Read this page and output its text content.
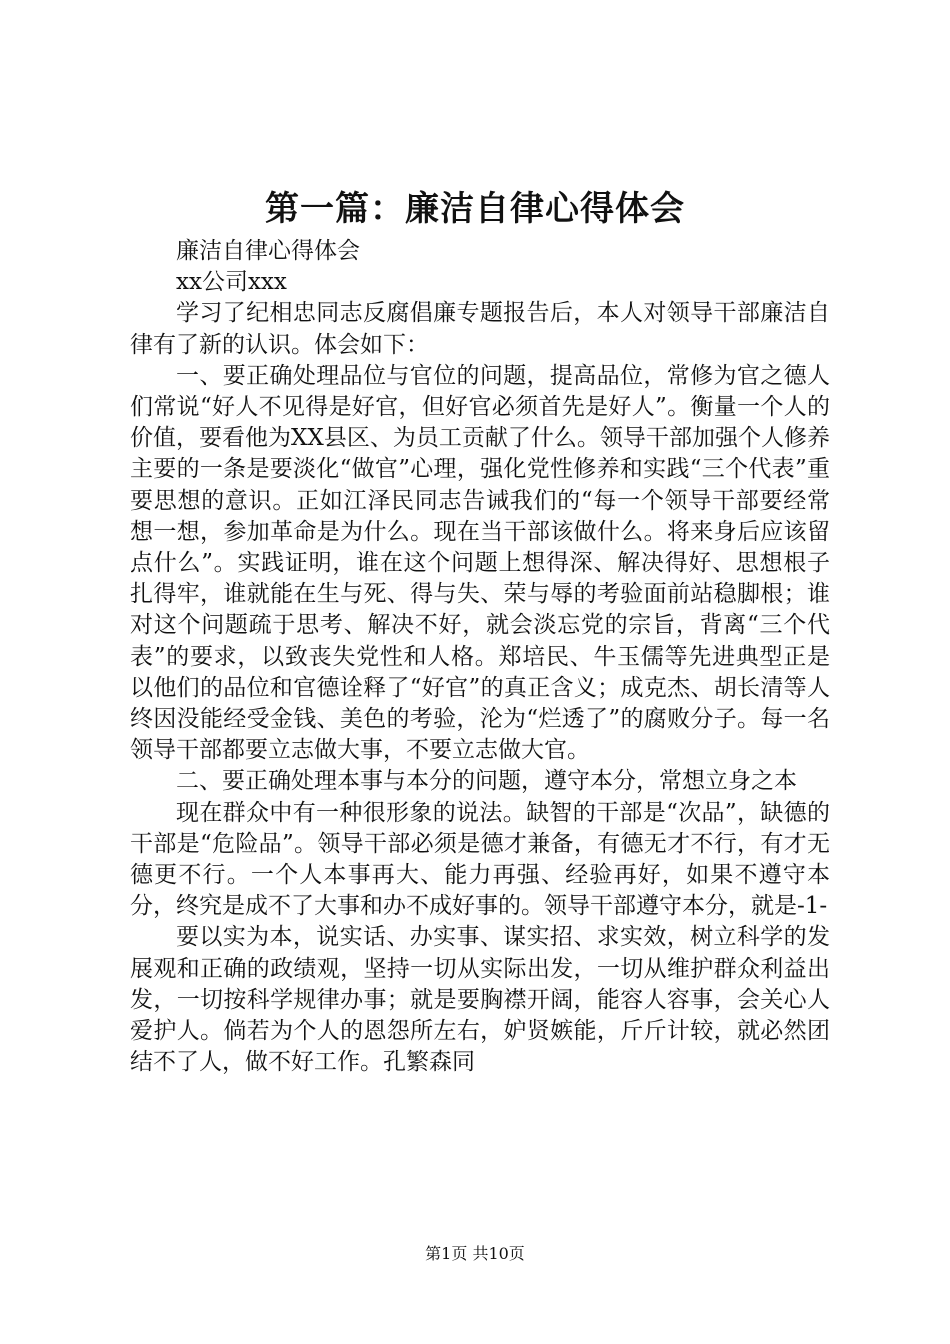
第一篇：廉洁自律心得体会

廉洁自律心得体会

xx公司xxx

学习了纪相忠同志反腐倡廉专题报告后，本人对领导干部廉洁自律有了新的认识。体会如下：

一、要正确处理品位与官位的问题，提高品位，常修为官之德人们常说“好人不见得是好官，但好官必须首先是好人”。衡量一个人的价值，要看他为XX县区、为员工贡献了什么。领导干部加强个人修养主要的一条是要淡化“做官”心理，强化党性修养和实践“三个代表”重要思想的意识。正如江泽民同志告诫我们的“每一个领导干部要经常想一想，参加革命是为什么。现在当干部该做什么。将来身后应该留点什么”。实践证明，谁在这个问题上想得深、解决得好、思想根子扎得牢，谁就能在生与死、得与失、荣与辱的考验面前站稳脚根；谁对这个问题疏于思考、解决不好，就会淡忘党的宗旨，背离“三个代表”的要求，以致丧失党性和人格。郑培民、牛玉儒等先进典型正是以他们的品位和官德诠释了“好官”的真正含义；成克杰、胡长清等人终因没能经受金钱、美色的考验，沦为“烂透了”的腐败分子。每一名领导干部都要立志做大事，不要立志做大官。

二、要正确处理本事与本分的问题，遵守本分，常想立身之本

现在群众中有一种很形象的说法。缺智的干部是“次品”，缺德的干部是“危险品”。领导干部必须是德才兼备，有德无才不行，有才无德更不行。一个人本事再大、能力再强、经验再好，如果不遵守本分，终究是成不了大事和办不成好事的。领导干部遵守本分，就是-1-

要以实为本，说实话、办实事、谋实招、求实效，树立科学的发展观和正确的政绩观，坚持一切从实际出发，一切从维护群众利益出发，一切按科学规律办事；就是要胸襟开阔，能容人容事，会关心人爱护人。倘若为个人的恩怨所左右，妒贤嫉能，斤斤计较，就必然团结不了人，做不好工作。孔繁森同

第1页 共10页
